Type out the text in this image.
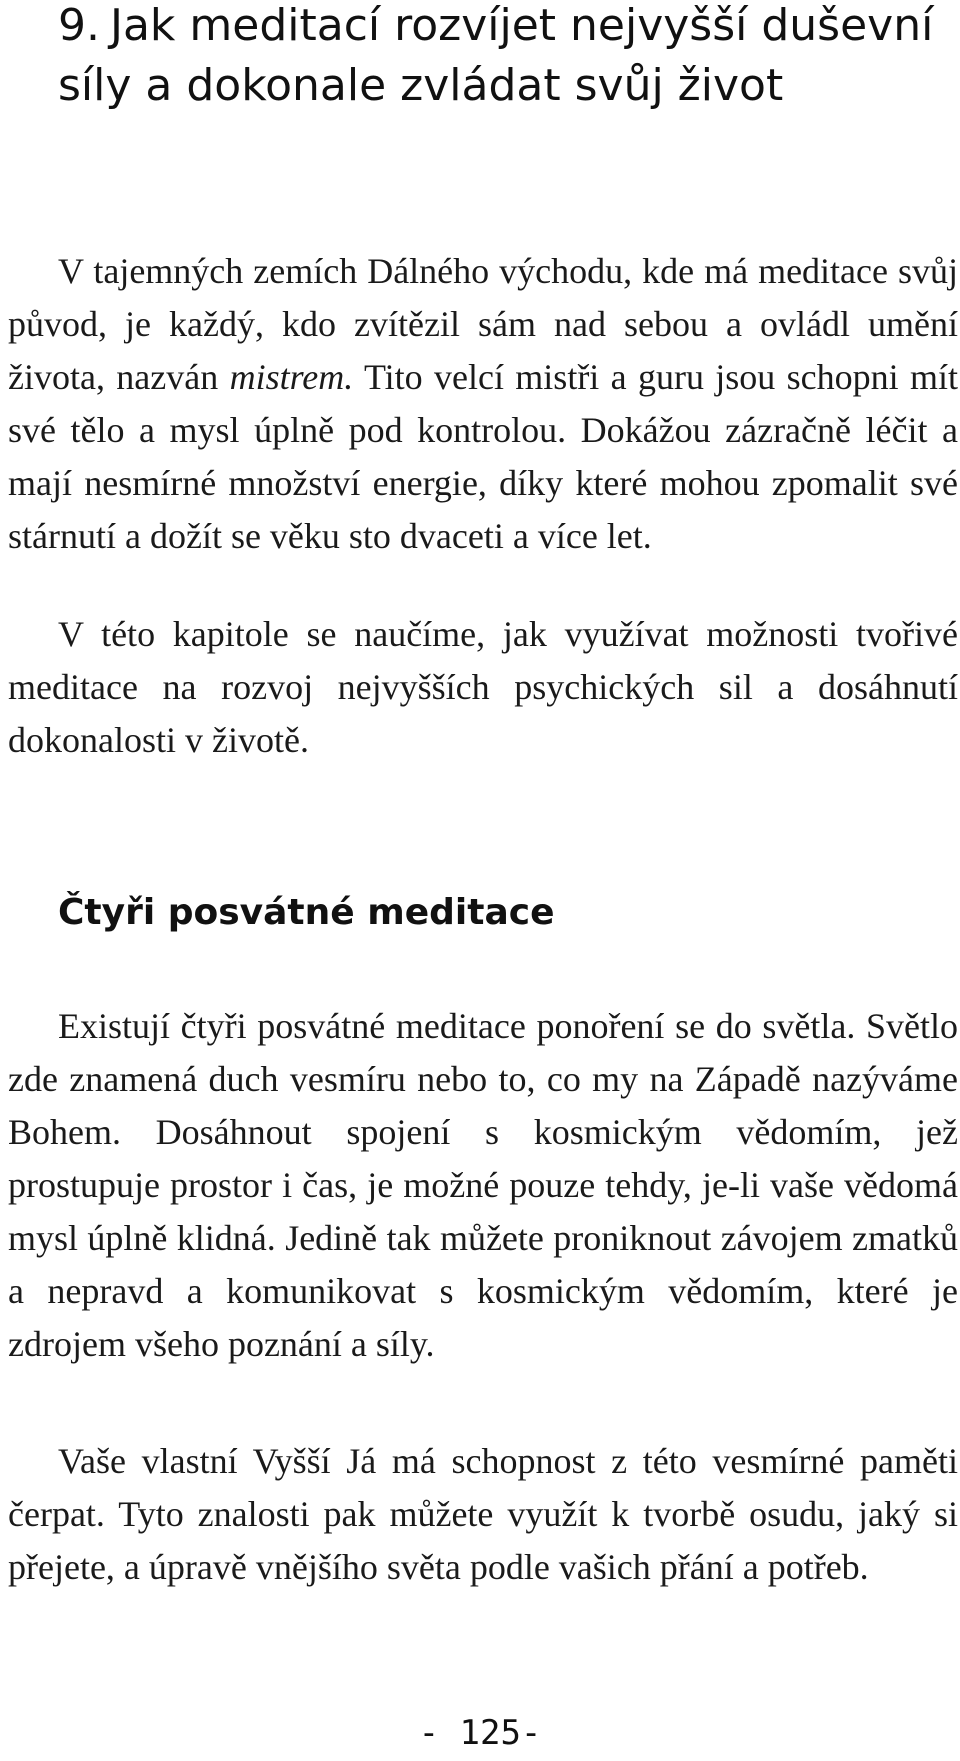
9. Jak meditací rozvíjet nejvyšší duševní síly a dokonale zvládat svůj život

V tajemných zemích Dálného východu, kde má meditace svůj původ, je každý, kdo zvítězil sám nad sebou a ovládl umění života, nazván mistrem. Tito velcí mistři a guru jsou schopni mít své tělo a mysl úplně pod kontrolou. Dokážou zázračně léčit a mají nesmírné množství energie, díky které mohou zpomalit své stárnutí a dožít se věku sto dvaceti a více let.

V této kapitole se naučíme, jak využívat možnosti tvořivé meditace na rozvoj nejvyšších psychických sil a dosáhnutí dokonalosti v životě.

Čtyři posvátné meditace

Existují čtyři posvátné meditace ponoření se do světla. Světlo zde znamená duch vesmíru nebo to, co my na Západě nazýváme Bohem. Dosáhnout spojení s kosmickým vědomím, jež prostupuje prostor i čas, je možné pouze tehdy, je-li vaše vědomá mysl úplně klidná. Jedině tak můžete proniknout závojem zmatků a nepravd a komunikovat s kosmickým vědomím, které je zdrojem všeho poznání a síly.

Vaše vlastní Vyšší Já má schopnost z této vesmírné paměti čerpat. Tyto znalosti pak můžete využít k tvorbě osudu, jaký si přejete, a úpravě vnějšího světa podle vašich přání a potřeb.

- 125-
